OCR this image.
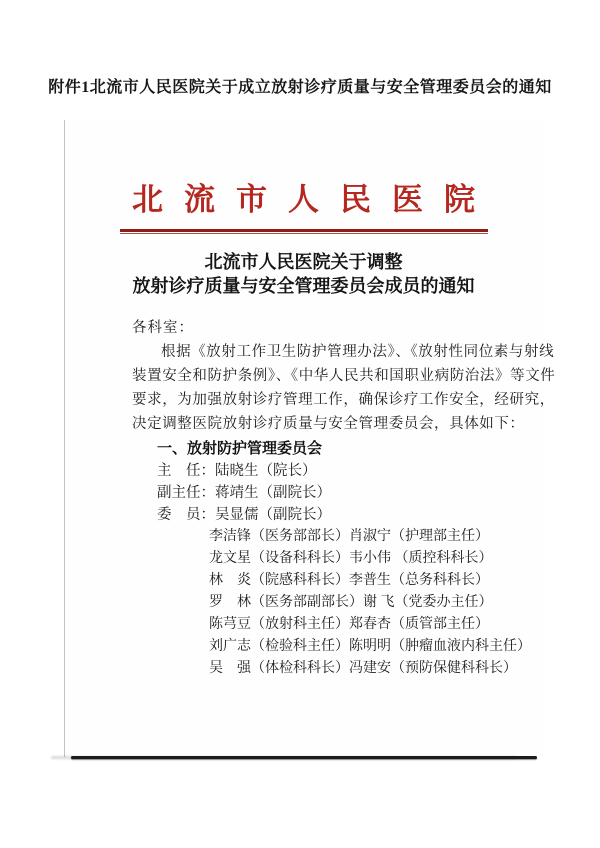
附件1北流市人民医院关于成立放射诊疗质量与安全管理委员会的通知
北流市人民医院
北流市人民医院关于调整
放射诊疗质量与安全管理委员会成员的通知
各科室：
根据《放射工作卫生防护管理办法》、《放射性同位素与射线
装置安全和防护条例》、《中华人民共和国职业病防治法》等文件
要求，为加强放射诊疗管理工作，确保诊疗工作安全，经研究，
决定调整医院放射诊疗质量与安全管理委员会，具体如下：
一、放射防护管理委员会
主　任：陆晓生（院长）
副主任：蒋靖生（副院长）
委　员：吴显儒（副院长）
李洁锋（医务部部长）肖淑宁（护理部主任）
龙文星（设备科科长）韦小伟 （质控科科长）
林　炎（院感科科长）李普生（总务科科长）
罗　林（医务部副部长）谢 飞（党委办主任）
陈芎豆（放射科主任）郑春杏（质管部主任）
刘广志（检验科主任）陈明明（肿瘤血液内科主任）
吴　强（体检科科长）冯建安（预防保健科科长）
